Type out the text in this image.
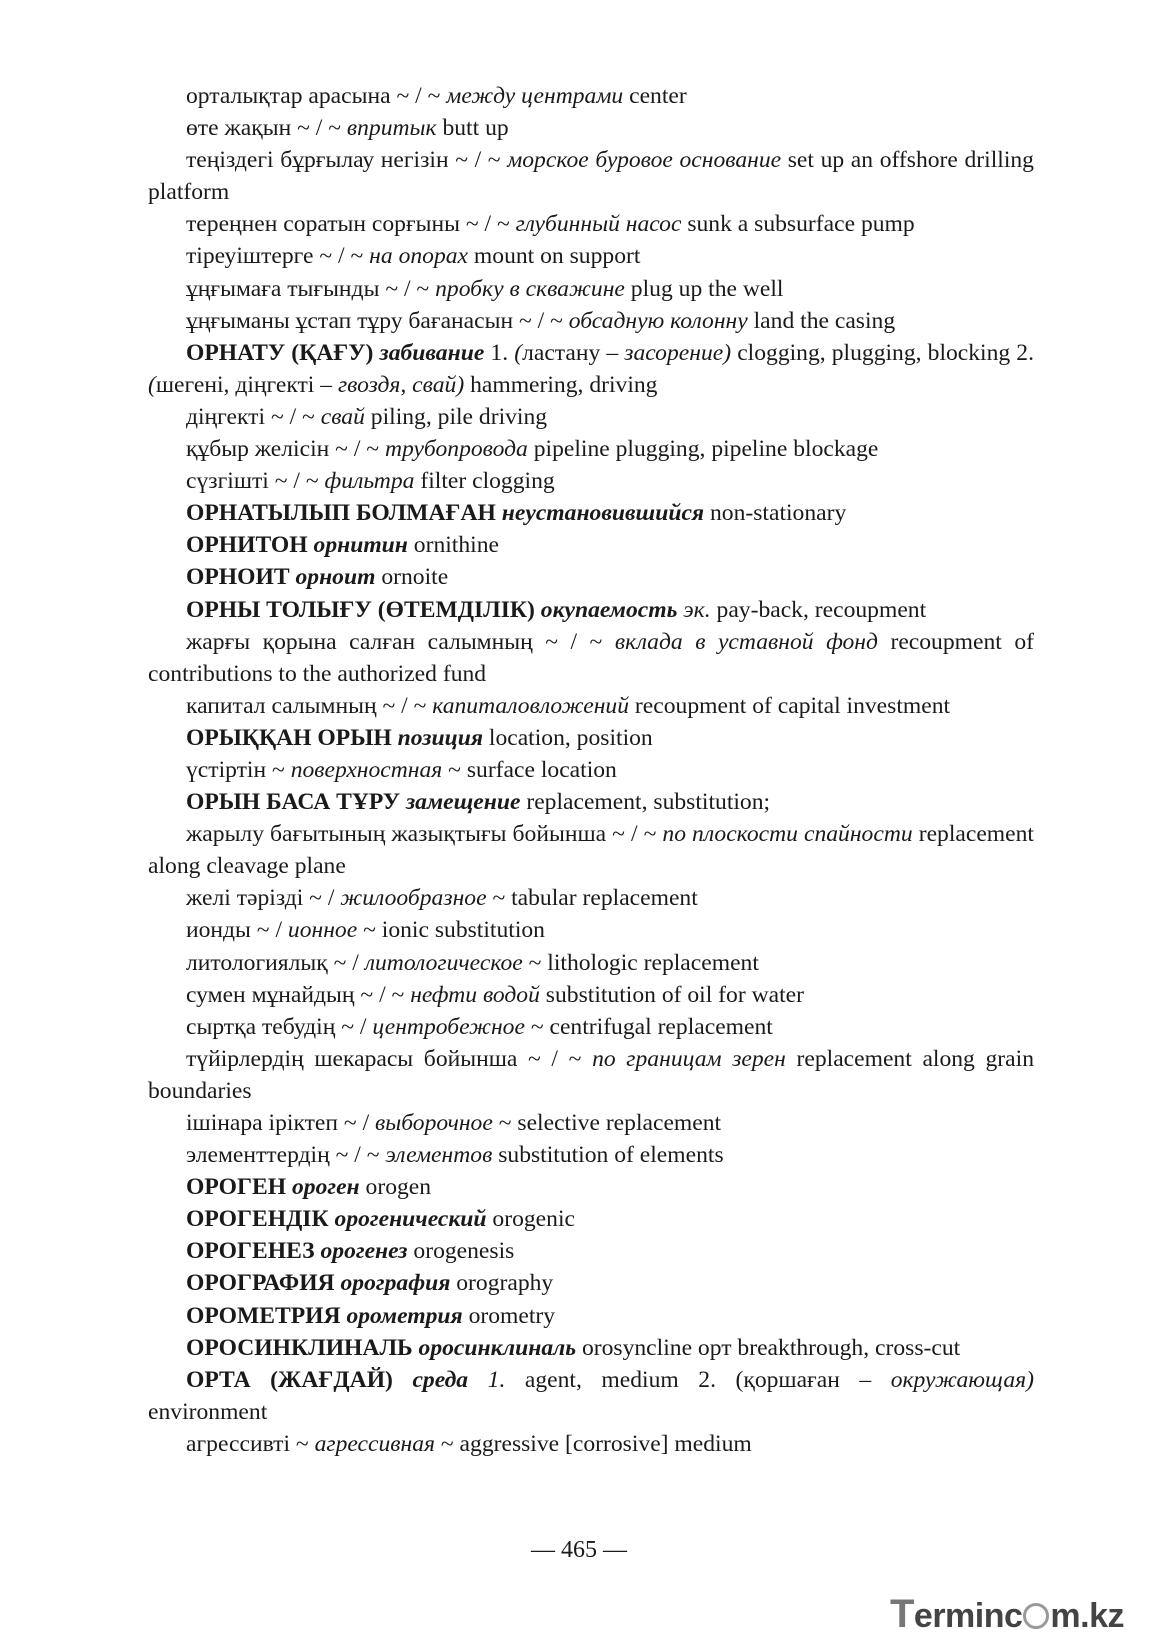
орталықтар арасына ~ / ~ между центрами center

өте жақын ~ / ~ впритык butt up

теңіздегі бұрғылау негізін ~ / ~ морское буровое основание set up an offshore drilling platform

тереңнен соратын сорғыны ~ / ~ глубинный насос sunk a subsurface pump

тіреуіштерге ~ / ~ на опорах mount on support

ұңғымаға тығынды ~ / ~ пробку в скважине plug up the well

ұңғыманы ұстап тұру бағанасын ~ / ~ обсадную колонну land the casing

ОРНАТУ (ҚАҒУ) забивание 1. (ластану – засорение) clogging, plugging, blocking 2. (шегені, діңгекті – гвоздя, свай) hammering, driving

діңгекті ~ / ~ свай piling, pile driving

құбыр желісін ~ / ~ трубопровода pipeline plugging, pipeline blockage

сүзгішті ~ / ~ фильтра filter clogging

ОРНАТЫЛЫП БОЛМАҒАН неустановившийся non-stationary

ОРНИТОН орнитин ornithine

ОРНОИТ орноит ornoite

ОРНЫ ТОЛЫҒУ (ӨТЕМДІЛІК) окупаемость эк. pay-back, recoupment

жарғы қорына салған салымның ~ / ~ вклада в уставной фонд recoupment of contributions to the authorized fund

капитал салымның ~ / ~ капиталовложений recoupment of capital investment

ОРЫҚҚАН ОРЫН позиция location, position

үстіртін ~ поверхностная ~ surface location

ОРЫН БАСА ТҰРУ замещение replacement, substitution;

жарылу бағытының жазықтығы бойынша ~ / ~ по плоскости спайности replacement along cleavage plane

желі тәрізді ~ / жилообразное ~ tabular replacement

ионды ~ / ионное ~ ionic substitution

литологиялық ~ / литологическое ~ lithologic replacement

сумен мұнайдың ~ / ~ нефти водой substitution of oil for water

сыртқа тебудің ~ / центробежное ~ centrifugal replacement

түйірлердің шекарасы бойынша ~ / ~ по границам зерен replacement along grain boundaries

ішінара іріктеп ~ / выборочное ~ selective replacement

элементтердің ~ / ~ элементов substitution of elements

ОРОГЕН ороген orogen

ОРОГЕНДІК орогенический orogenic

ОРОГЕНЕЗ орогенез orogenesis

ОРОГРАФИЯ орография orography

ОРОМЕТРИЯ орометрия orometry

ОРОСИНКЛИНАЛЬ оросинклиналь orosyncline орт breakthrough, cross-cut

ОРТА (ЖАҒДАЙ) среда 1. agent, medium 2. (қоршаған – окружающая) environment

агрессивті ~ агрессивная ~ aggressive [corrosive] medium

— 465 —
Terminc m.kz
